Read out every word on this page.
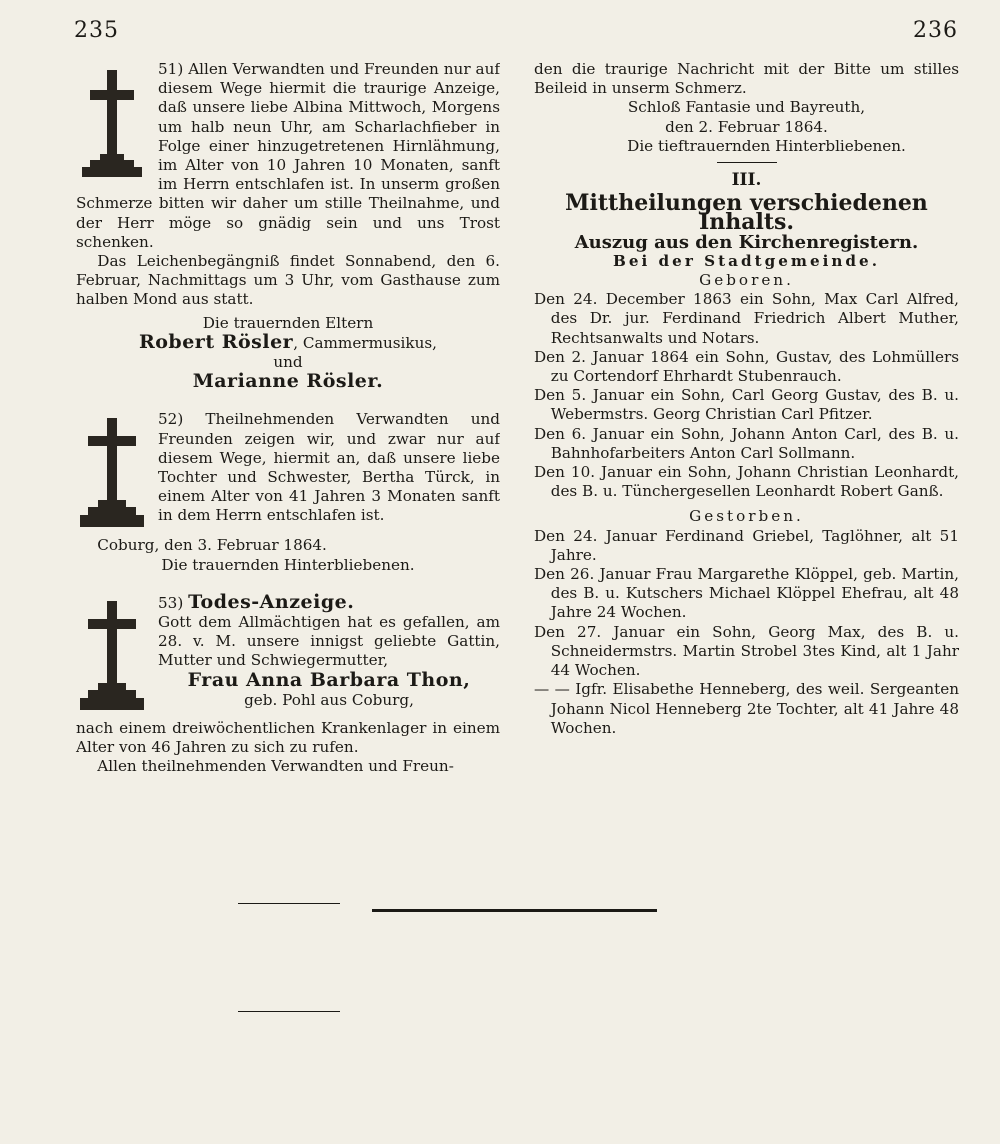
235	236

51) Allen Verwandten und Freunden nur auf diesem Wege hiermit die traurige Anzeige, daß unsere liebe Albina Mittwoch, Morgens um halb neun Uhr, am Scharlachfieber in Folge einer hinzugetretenen Hirnlähmung, im Alter von 10 Jahren 10 Monaten, sanft im Herrn entschlafen ist. In unserm großen Schmerze bitten wir daher um stille Theilnahme, und der Herr möge so gnädig sein und uns Trost schenken.

Das Leichenbegängniß findet Sonnabend, den 6. Februar, Nachmittags um 3 Uhr, vom Gasthause zum halben Mond aus statt.

Die trauernden Eltern

Robert Rösler, Cammermusikus,

und

Marianne Rösler.

52) Theilnehmenden Verwandten und Freunden zeigen wir, und zwar nur auf diesem Wege, hiermit an, daß unsere liebe Tochter und Schwester, Bertha Türck, in einem Alter von 41 Jahren 3 Monaten sanft in dem Herrn entschlafen ist.

Coburg, den 3. Februar 1864.

Die trauernden Hinterbliebenen.

53) Todes-Anzeige.

Gott dem Allmächtigen hat es gefallen, am 28. v. M. unsere innigst geliebte Gattin, Mutter und Schwiegermutter,

Frau Anna Barbara Thon,

geb. Pohl aus Coburg,

nach einem dreiwöchentlichen Krankenlager in einem Alter von 46 Jahren zu sich zu rufen.

Allen theilnehmenden Verwandten und Freun-

den die traurige Nachricht mit der Bitte um stilles Beileid in unserm Schmerz.

Schloß Fantasie und Bayreuth,

den 2. Februar 1864.

Die tieftrauernden Hinterbliebenen.

III.

Mittheilungen verschiedenen Inhalts.

Auszug aus den Kirchenregistern.

Bei der Stadtgemeinde.

Geboren.

Den 24. December 1863 ein Sohn, Max Carl Alfred, des Dr. jur. Ferdinand Friedrich Albert Muther, Rechtsanwalts und Notars.

Den 2. Januar 1864 ein Sohn, Gustav, des Lohmüllers zu Cortendorf Ehrhardt Stubenrauch.

Den 5. Januar ein Sohn, Carl Georg Gustav, des B. u. Webermstrs. Georg Christian Carl Pfitzer.

Den 6. Januar ein Sohn, Johann Anton Carl, des B. u. Bahnhofarbeiters Anton Carl Sollmann.

Den 10. Januar ein Sohn, Johann Christian Leonhardt, des B. u. Tünchergesellen Leonhardt Robert Ganß.

Gestorben.

Den 24. Januar Ferdinand Griebel, Taglöhner, alt 51 Jahre.

Den 26. Januar Frau Margarethe Klöppel, geb. Martin, des B. u. Kutschers Michael Klöppel Ehefrau, alt 48 Jahre 24 Wochen.

Den 27. Januar ein Sohn, Georg Max, des B. u. Schneidermstrs. Martin Strobel 3tes Kind, alt 1 Jahr 44 Wochen.

— — Igfr. Elisabethe Henneberg, des weil. Sergeanten Johann Nicol Henneberg 2te Tochter, alt 41 Jahre 48 Wochen.
